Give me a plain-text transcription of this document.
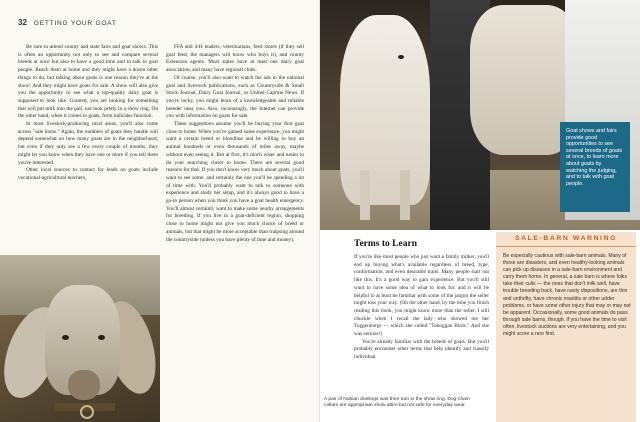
32 GETTING YOUR GOAT

Be sure to attend county and state fairs and goat shows. This is often an opportunity not only to see and compare several breeds at once but also to have a good time and to talk to goat people. Reach them at home and they might have a dozen other things to do, but talking about goats is one reason they're at the show! And they might have goats for sale. A show will also give you the opportunity to see what a top-quality dairy goat is supposed to look like. Granted, you are looking for something that will put milk into the pail, not look pretty in a show ring. On the other hand, when it comes to goats, form indicates function.

In most livestock-producing rural areas, you'll also come across "sale barns." Again, the numbers of goats they handle will depend somewhat on how many goats are in the neighborhood, but even if they only see a few every couple of months, they might let you know when they have one or more if you tell them you're interested.

Other local sources to contact for leads on goats include vocational-agricultural teachers,

FFA and 4-H leaders, veterinarians, feed stores (if they sell goat feed, the managers will know who buys it), and county Extension agents. Most states have at least one dairy goat association, and many have regional clubs.

Of course, you'll also want to watch the ads in the national goat and livestock publications, such as Countryside & Small Stock Journal, Dairy Goat Journal, or United Caprine News. If you're lucky, you might learn of a knowledgeable and reliable breeder near you. Also, increasingly, the Internet can provide you with information on goats for sale.

These suggestions assume you'll be buying your first goat close to home. When you've gained some experience, you might want a certain breed or bloodline and be willing to buy an animal hundreds or even thousands of miles away, maybe without even seeing it. But at first, it's much wiser and easier to do your searching closer to home. There are several good reasons for that. If you don't know very much about goats, you'll want to see some, and certainly the one you'll be spending a lot of time with. You'll probably want to talk to someone with experience and study her setup, and it's always good to have a go-to person when you think you have a goat health emergency. You'll almost certainly want to make some nearby arrangements for breeding. If you live in a goat-deficient region, shopping close to home might not give you much choice of breed or animals, but that might be more acceptable than traipsing around the countryside (unless you have plenty of time and money).

Goat shows and fairs provide good opportunities to see several breeds of goats at once, to learn more about goats by watching the judging, and to talk with goat people.
A pair of Nubian doelings wait their turn in the show ring. Dog-chain collars are appropriate show attire but not safe for everyday wear.
Terms to Learn

If you're like most people who just want a family milker, you'll end up buying what's available regardless of breed, type, conformation, and even desirable traits. Many people start out like this. It's a good way to gain experience. But you'll still want to have some idea of what to look for, and it will be helpful to at least be familiar with some of the jargon the seller might toss your way. (On the other hand, by the time you finish reading this book, you might know more than the seller. I still chuckle when I recall the lady who showed me her Toggenburgs — which she called "Toboggan Birds." And she was serious!)

You're already familiar with the breeds of goats. But you'll probably encounter other terms that help identify and classify individual

SALE-BARN WARNING
Be especially cautious with sale-barn animals. Many of these are disasters, and even healthy-looking animals can pick up diseases in a sale-barn environment and carry them home. In general, a sale barn is where folks take their culls — the ones that don't milk well, have trouble breeding back, have nasty dispositions, are thin and unthrifty, have chronic mastitis or other udder problems, or have some other injury that may or may not be apparent. Occasionally, some good animals do pass through sale barns, though. If you have the time to visit often, livestock auctions are very entertaining, and you might score a rare find.
